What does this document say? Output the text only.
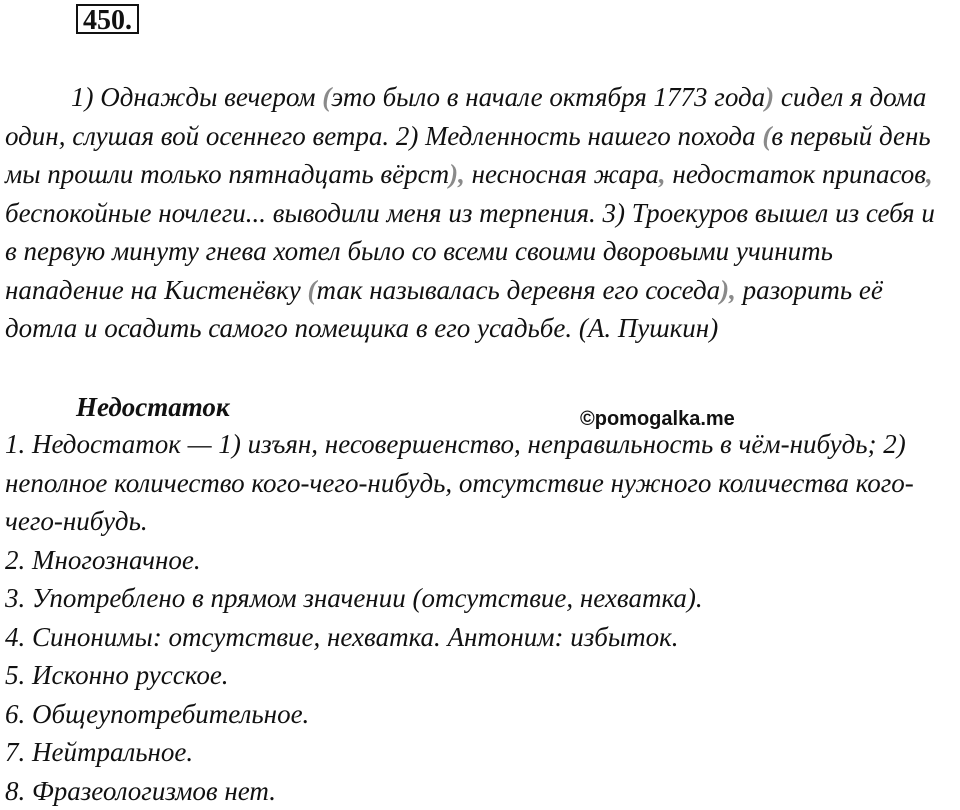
450.

1) Однажды вечером (это было в начале октября 1773 года) сидел я дома один, слушая вой осеннего ветра. 2) Медленность нашего похода (в первый день мы прошли только пятнадцать вёрст), несносная жара, недостаток припасов, беспокойные ночлеги... выводили меня из терпения. 3) Троекуров вышел из себя и в первую минуту гнева хотел было со всеми своими дворовыми учинить нападение на Кистенёвку (так называлась деревня его соседа), разорить её дотла и осадить самого помещика в его усадьбе. (А. Пушкин)

Недостаток	©pomogalka.me
1. Недостаток — 1) изъян, несовершенство, неправильность в чём-нибудь; 2) неполное количество кого-чего-нибудь, отсутствие нужного количества кого-чего-нибудь.
2. Многозначное.
3. Употреблено в прямом значении (отсутствие, нехватка).
4. Синонимы: отсутствие, нехватка. Антоним: избыток.
5. Исконно русское.
6. Общеупотребительное.
7. Нейтральное.
8. Фразеологизмов нет.
